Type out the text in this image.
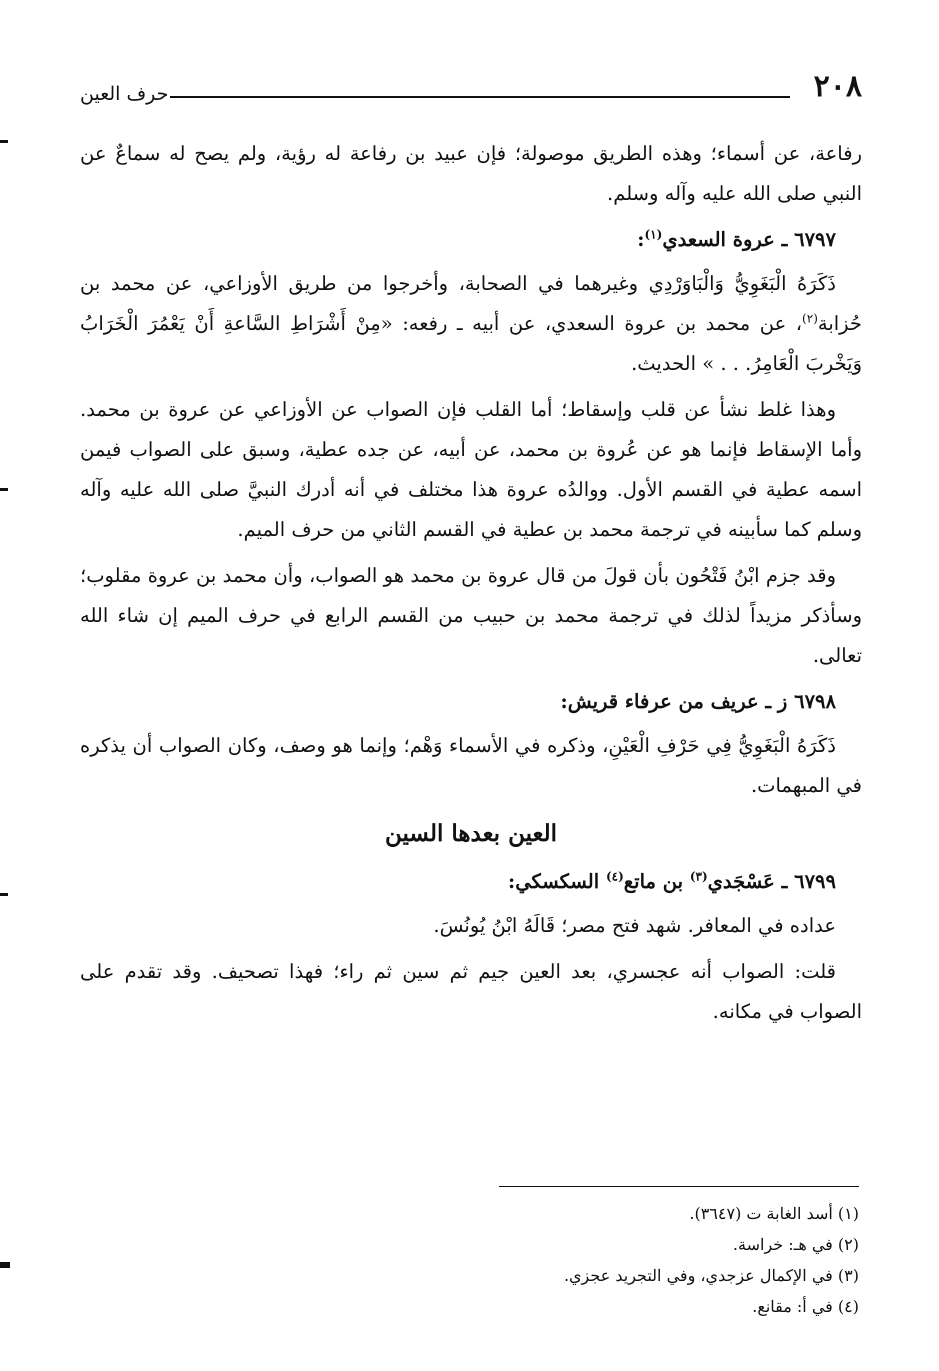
٢٠٨
حرف العين

رفاعة، عن أسماء؛ وهذه الطريق موصولة؛ فإن عبيد بن رفاعة له رؤية، ولم يصح له سماعٌ عن النبي صلى الله عليه وآله وسلم.

٦٧٩٧ ـ عروة السعدي$^{(١)}$:

ذَكَرَهُ الْبَغَوِيُّ وَالْبَاوَرْدِي وغيرهما في الصحابة، وأخرجوا من طريق الأوزاعي، عن محمد بن حُزابة$^{(٢)}$، عن محمد بن عروة السعدي، عن أبيه ـ رفعه: «مِنْ أَشْرَاطِ السَّاعةِ أَنْ يَعْمُرَ الْخَرَابُ وَيَخْربَ الْعَامِرُ. . . » الحديث.

وهذا غلط نشأ عن قلب وإسقاط؛ أما القلب فإن الصواب عن الأوزاعي عن عروة بن محمد. وأما الإسقاط فإنما هو عن عُروة بن محمد، عن أبيه، عن جده عطية، وسبق على الصواب فيمن اسمه عطية في القسم الأول. ووالدُه عروة هذا مختلف في أنه أدرك النبيَّ صلى الله عليه وآله وسلم كما سأبينه في ترجمة محمد بن عطية في القسم الثاني من حرف الميم.

وقد جزم ابْنُ فَتْحُون بأن قولَ من قال عروة بن محمد هو الصواب، وأن محمد بن عروة مقلوب؛ وسأذكر مزيداً لذلك في ترجمة محمد بن حبيب من القسم الرابع في حرف الميم إن شاء الله تعالى.

٦٧٩٨ ز ـ عريف من عرفاء قريش:

ذَكَرَهُ الْبَغَوِيُّ فِي حَرْفِ الْعَيْنِ، وذكره في الأسماء وَهْم؛ وإنما هو وصف، وكان الصواب أن يذكره في المبهمات.

العين بعدها السين

٦٧٩٩ ـ عَسْجَدي$^{(٣)}$ بن ماتع$^{(٤)}$ السكسكي:

عداده في المعافر. شهد فتح مصر؛ قَالَهُ ابْنُ يُونُسَ.

قلت: الصواب أنه عجسري، بعد العين جيم ثم سين ثم راء؛ فهذا تصحيف. وقد تقدم على الصواب في مكانه.

(١) أسد الغابة ت (٣٦٤٧).
(٢) في هـ: خراسة.
(٣) في الإكمال عزجدي، وفي التجريد عجزي.
(٤) في أ: مقانع.
